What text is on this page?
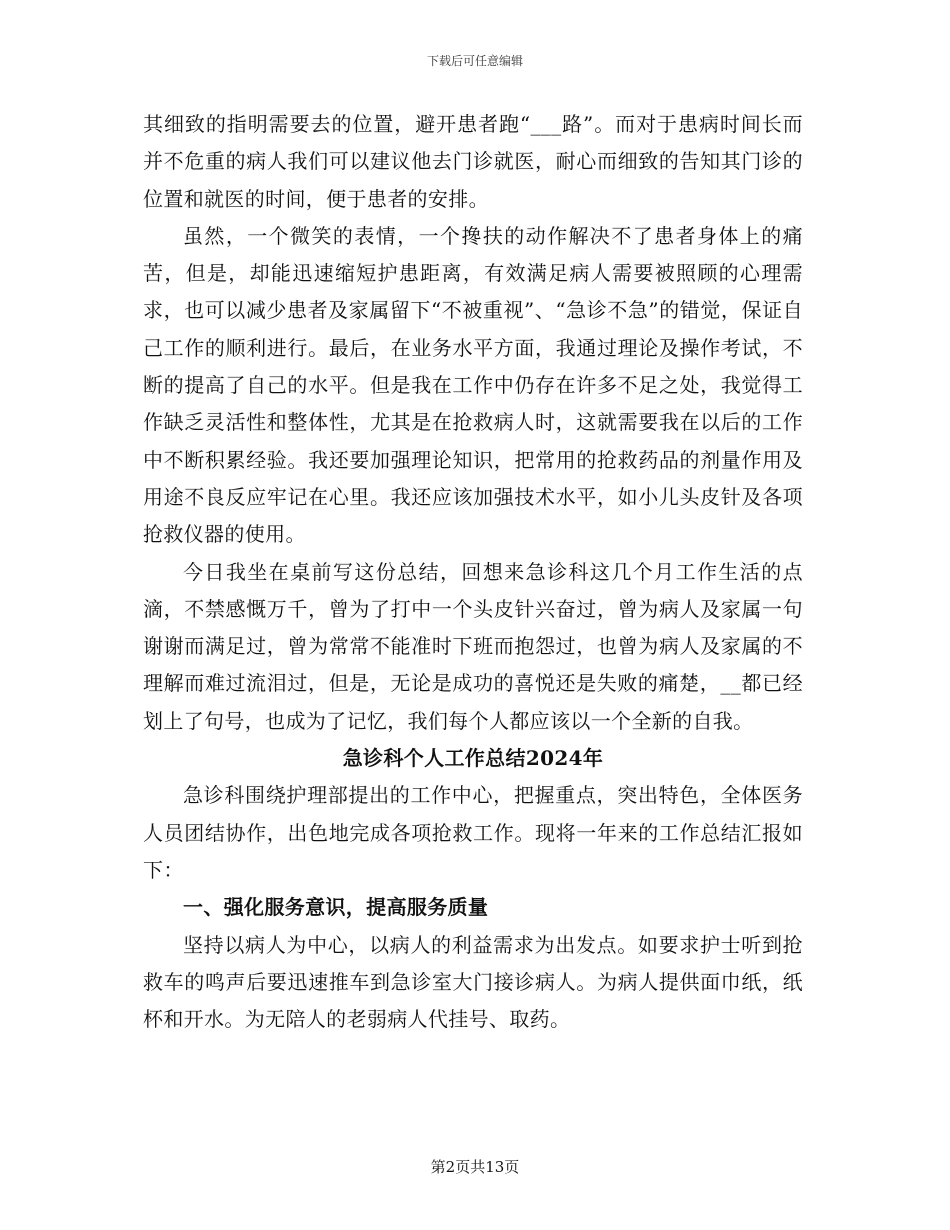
下载后可任意编辑

其细致的指明需要去的位置，避开患者跑“___路”。而对于患病时间长而并不危重的病人我们可以建议他去门诊就医，耐心而细致的告知其门诊的位置和就医的时间，便于患者的安排。

虽然，一个微笑的表情，一个搀扶的动作解决不了患者身体上的痛苦，但是，却能迅速缩短护患距离，有效满足病人需要被照顾的心理需求，也可以减少患者及家属留下“不被重视”、“急诊不急”的错觉，保证自己工作的顺利进行。最后，在业务水平方面，我通过理论及操作考试，不断的提高了自己的水平。但是我在工作中仍存在许多不足之处，我觉得工作缺乏灵活性和整体性，尤其是在抢救病人时，这就需要我在以后的工作中不断积累经验。我还要加强理论知识，把常用的抢救药品的剂量作用及用途不良反应牢记在心里。我还应该加强技术水平，如小儿头皮针及各项抢救仪器的使用。

今日我坐在桌前写这份总结，回想来急诊科这几个月工作生活的点滴，不禁感慨万千，曾为了打中一个头皮针兴奋过，曾为病人及家属一句谢谢而满足过，曾为常常不能准时下班而抱怨过，也曾为病人及家属的不理解而难过流泪过，但是，无论是成功的喜悦还是失败的痛楚，__都已经划上了句号，也成为了记忆，我们每个人都应该以一个全新的自我。

急诊科个人工作总结2024年

急诊科围绕护理部提出的工作中心，把握重点，突出特色，全体医务人员团结协作，出色地完成各项抢救工作。现将一年来的工作总结汇报如下：

一、强化服务意识，提高服务质量

坚持以病人为中心，以病人的利益需求为出发点。如要求护士听到抢救车的鸣声后要迅速推车到急诊室大门接诊病人。为病人提供面巾纸，纸杯和开水。为无陪人的老弱病人代挂号、取药。

第2页共13页
